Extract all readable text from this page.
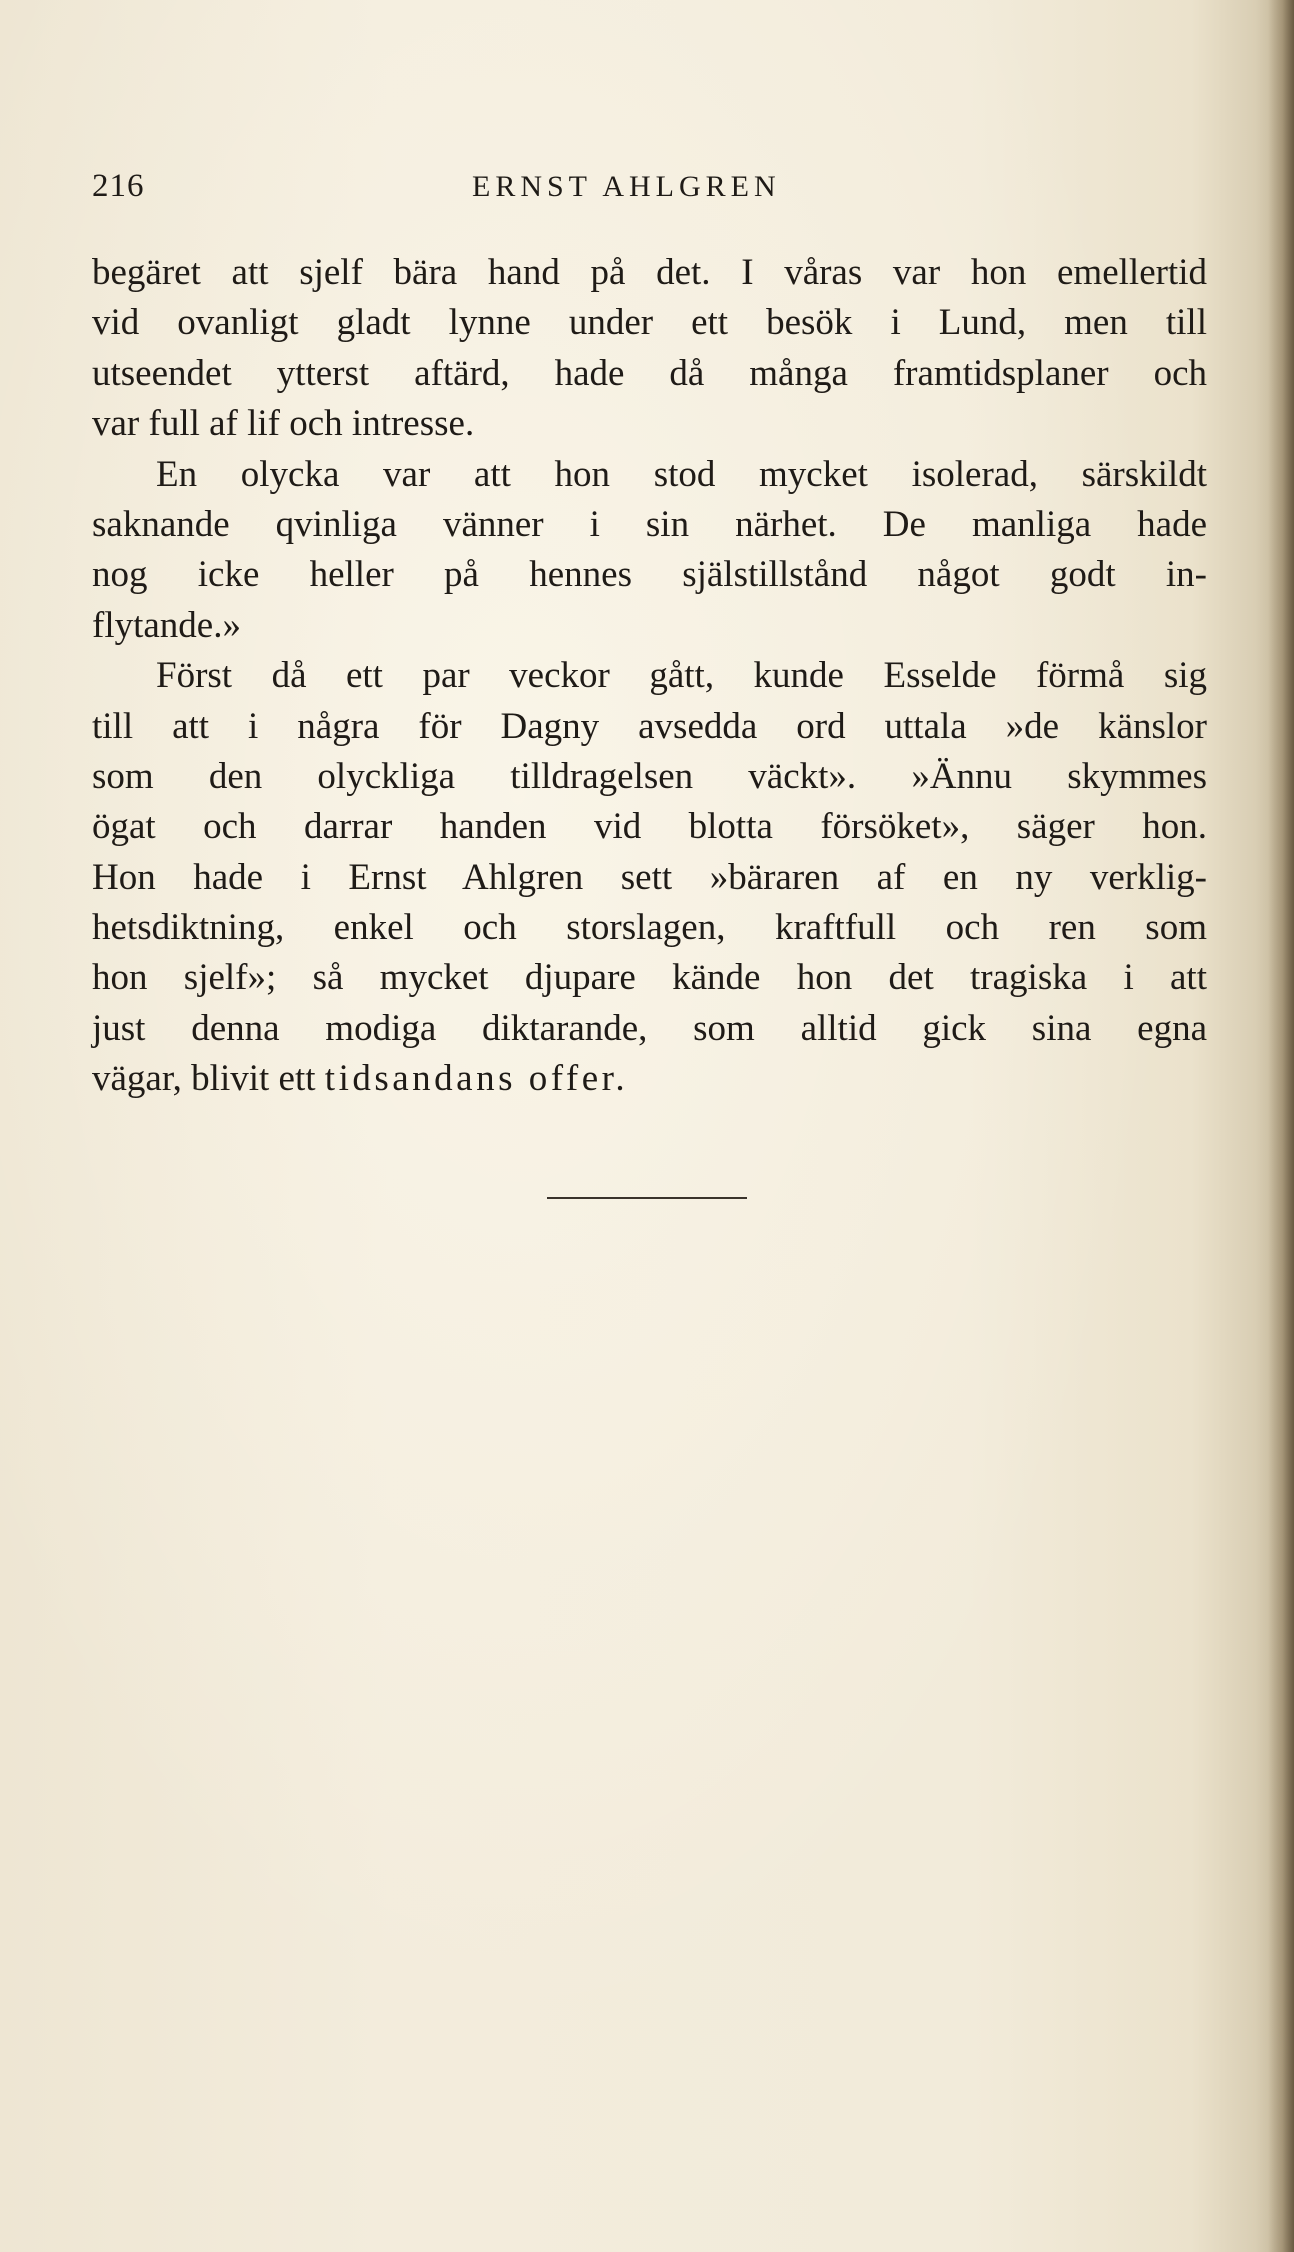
216	ERNST AHLGREN
begäret att sjelf bära hand på det. I våras var hon emellertid
vid ovanligt gladt lynne under ett besök i Lund, men till
utseendet ytterst aftärd, hade då många framtidsplaner och
var full af lif och intresse.
En olycka var att hon stod mycket isolerad, särskildt
saknande qvinliga vänner i sin närhet. De manliga hade
nog icke heller på hennes själstillstånd något godt in-
flytande.»
Först då ett par veckor gått, kunde Esselde förmå sig
till att i några för Dagny avsedda ord uttala »de känslor
som den olyckliga tilldragelsen väckt». »Ännu skymmes
ögat och darrar handen vid blotta försöket», säger hon.
Hon hade i Ernst Ahlgren sett »bäraren af en ny verklig-
hetsdiktning, enkel och storslagen, kraftfull och ren som
hon sjelf»; så mycket djupare kände hon det tragiska i att
just denna modiga diktarande, som alltid gick sina egna
vägar, blivit ett tidsandans offer.
